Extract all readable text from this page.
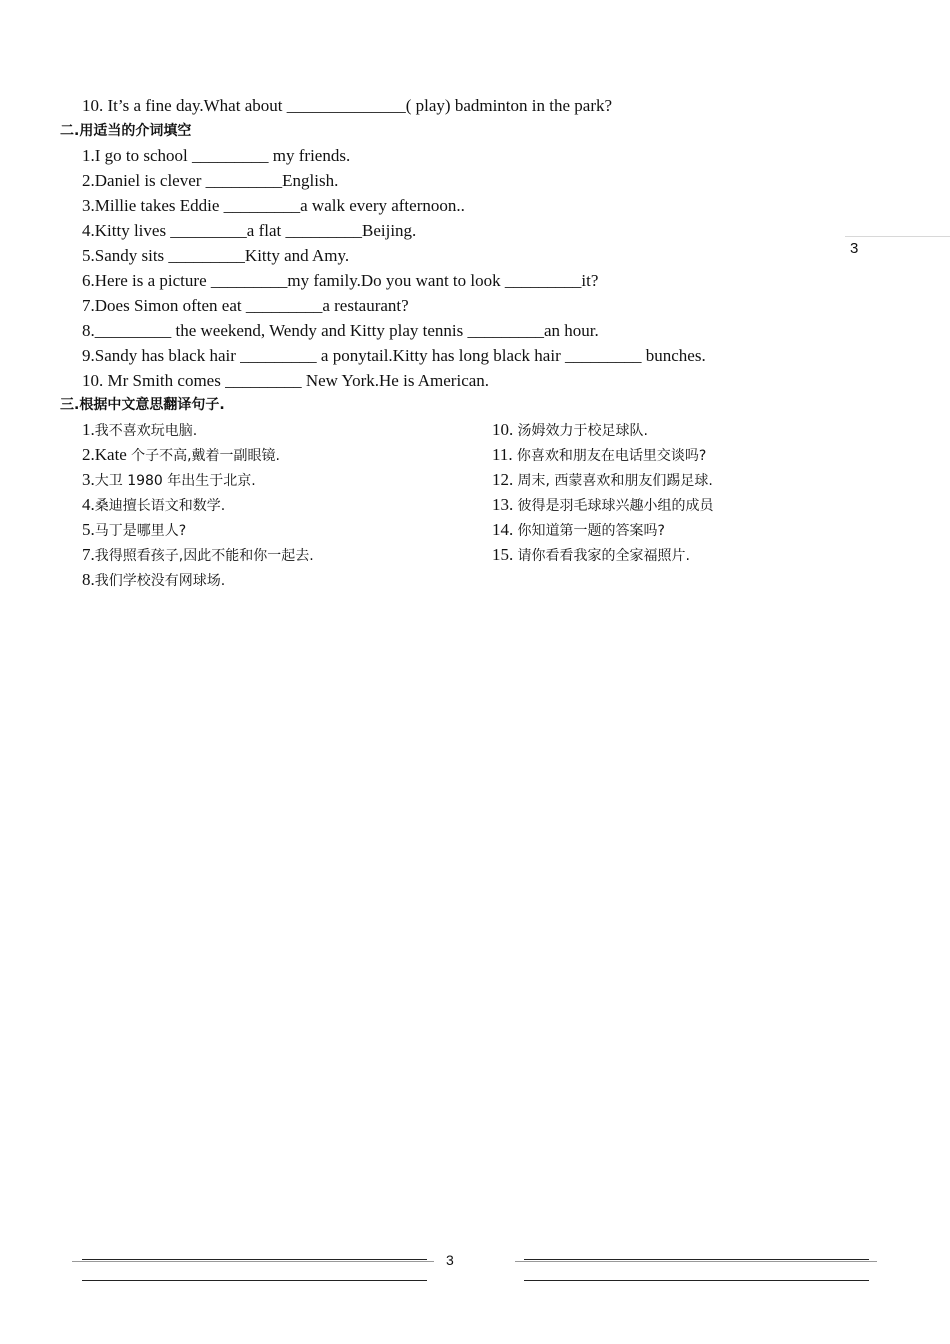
3
10. It’s a fine day.What about ______________( play) badminton in the park?
二.用适当的介词填空
1.I go to school _________ my friends.
2.Daniel is clever _________English.
3.Millie takes Eddie _________a walk every afternoon..
4.Kitty lives _________a flat _________Beijing.
5.Sandy sits _________Kitty and Amy.
6.Here is a picture _________my family.Do you want to look _________it?
7.Does Simon often eat _________a restaurant?
8._________ the weekend, Wendy and Kitty play tennis _________an hour.
9.Sandy has black hair _________ a ponytail.Kitty has long black hair _________ bunches.
10. Mr Smith comes _________ New York.He is American.
三.根据中文意思翻译句子.
1.我不喜欢玩电脑.
2.Kate 个子不高,戴着一副眼镜.
3.大卫 1980 年出生于北京.
4.桑迪擅长语文和数学.
5.马丁是哪里人?
7.我得照看孩子,因此不能和你一起去.
8.我们学校没有网球场.
10. 汤姆效力于校足球队.
11. 你喜欢和朋友在电话里交谈吗?
12. 周末, 西蒙喜欢和朋友们踢足球.
13. 彼得是羽毛球球兴趣小组的成员
14. 你知道第一题的答案吗?
15. 请你看看我家的全家福照片.
3
